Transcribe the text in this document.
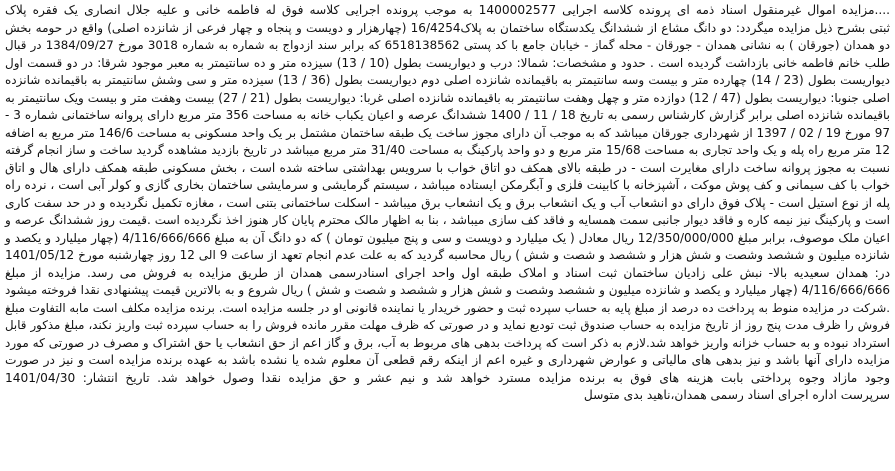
....مزایده اموال غیرمنقول اسناد ذمه ای پرونده کلاسه اجرایی 1400002577 به موجب پرونده اجرایی کلاسه فوق له فاطمه خانی و علیه جلال انصاری یک فقره پلاک
ثبتی بشرح ذیل مزایده میگردد: دو دانگ مشاع از ششدانگ یکدستگاه ساختمان به پلاک16/4254 (چهارهزار و دویست و پنجاه و چهار فرعی از شانزده اصلی) واقع در حومه بخش
دو همدان (جورقان ) به نشانی همدان - جورقان - محله گماز - خیابان جامع با کد پستی 6518138562 که برابر سند ازدواج به شماره به شماره 3018 مورخ 1384/09/27 در قبال
طلب خانم فاطمه خانی بازداشت گردیده است . حدود و مشخصات: شمالا: درب و دیواریست بطول (10 / 13) سیزده متر و ده سانتیمتر به معبر موجود شرقا: در دو قسمت اول
دیواریست بطول (23 / 14) چهارده متر و بیست وسه سانتیمتر به باقیمانده شانزده اصلی دوم دیواریست بطول (36 / 13) سیزده متر و سی وشش سانتیمتر به باقیمانده شانزده
اصلی جنوبا: دیواریست بطول (47 / 12) دوازده متر و چهل وهفت سانتیمتر به باقیمانده شانزده اصلی غربا: دیواریست بطول (21 / 27) بیست وهفت متر و بیست ویک سانتیمتر به
باقیمانده شانزده اصلی برابر گزارش کارشناس رسمی به تاریخ 18 / 11 / 1400 ششدانگ عرصه و اعیان یکباب خانه به مساحت 356 متر مربع دارای پروانه ساختمانی شماره 3 -
97 مورخ 19 / 02 / 1397 از شهرداری جورقان میباشد که به موجب آن دارای مجوز ساخت یک طبقه ساختمان مشتمل بر یک واحد مسکونی به مساحت 146/6 متر مربع به اضافه
12 متر مربع راه پله و یک واحد تجاری به مساحت 15/68 متر مربع و دو واحد پارکینگ به مساحت 31/40 متر مربع میباشد در تاریخ بازدید مشاهده گردید ساخت و ساز انجام گرفته
نسبت به مجوز پروانه ساخت دارای مغایرت است - در طبقه بالای همکف دو اتاق خواب با سرویس بهداشتی ساخته شده است ، بخش مسکونی طبقه همکف دارای هال و اتاق
خواب با کف سیمانی و کف پوش موکت ، آشپزخانه با کابینت فلزی و آبگرمکن ایستاده میباشد ، سیستم گرمایشی و سرمایشی ساختمان بخاری گازی و کولر آبی است ، نرده راه
پله از نوع استیل است - پلاک فوق دارای دو انشعاب آب و یک انشعاب برق و یک انشعاب برق میباشد - اسکلت ساختمانی بتنی است ، مغازه تکمیل نگردیده و در حد سفت کاری
است و پارکینگ نیز نیمه کاره و فاقد دیوار جانبی سمت همسایه و فاقد کف سازی میباشد ، بنا به اظهار مالک محترم پایان کار هنوز اخذ نگردیده است .قیمت روز ششدانگ عرصه و
اعیان ملک موصوف، برابر مبلغ 12/350/000/000 ریال معادل ( یک میلیارد و دویست و سی و پنج میلیون تومان ) که دو دانگ آن به مبلغ 4/116/666/666 (چهار میلیارد و یکصد و
شانزده میلیون و ششصد وشصت و شش هزار و ششصد و شصت و شش ) ریال محاسبه گردید که به علت عدم انجام تعهد از ساعت 9 الی 12 روز چهارشنبه مورخ 1401/05/12
در: همدان سعیدیه بالا- نبش علی زادیان ساختمان ثبت اسناد و املاک طبقه اول واحد اجرای اسنادرسمی همدان از طریق مزایده به فروش می رسد. مزایده از مبلغ
4/116/666/666 (چهار میلیارد و یکصد و شانزده میلیون و ششصد وشصت و شش هزار و ششصد و شصت و شش ) ریال شروع و به بالاترین قیمت پیشنهادی نقدا فروخته میشود
.شرکت در مزایده منوط به پرداخت ده درصد از مبلغ پایه به حساب سپرده ثبت و حضور خریدار یا نماینده قانونی او در جلسه مزایده است. برنده مزایده مکلف است مابه التفاوت مبلغ
فروش را ظرف مدت پنج روز از تاریخ مزایده به حساب صندوق ثبت تودیع نماید و در صورتی که ظرف مهلت مقرر مانده فروش را به حساب سپرده ثبت واریز نکند، مبلغ مذکور قابل
استرداد نبوده و به حساب خزانه واریز خواهد شد.لازم به ذکر است که پرداخت بدهی های مربوط به آب، برق و گاز اعم از حق انشعاب یا حق اشتراک و مصرف در صورتی که مورد
مزایده دارای آنها باشد و نیز بدهی های مالیاتی و عوارض شهرداری و غیره اعم از اینکه رقم قطعی آن معلوم شده یا نشده باشد به عهده برنده مزایده است و نیز در صورت
وجود مازاد وجوه پرداختی بابت هزینه های فوق به برنده مزایده مسترد خواهد شد و نیم عشر و حق مزایده نقدا وصول خواهد شد. تاریخ انتشار: 1401/04/30
سرپرست اداره اجرای اسناد رسمی همدان،ناهید بدی متوسل
